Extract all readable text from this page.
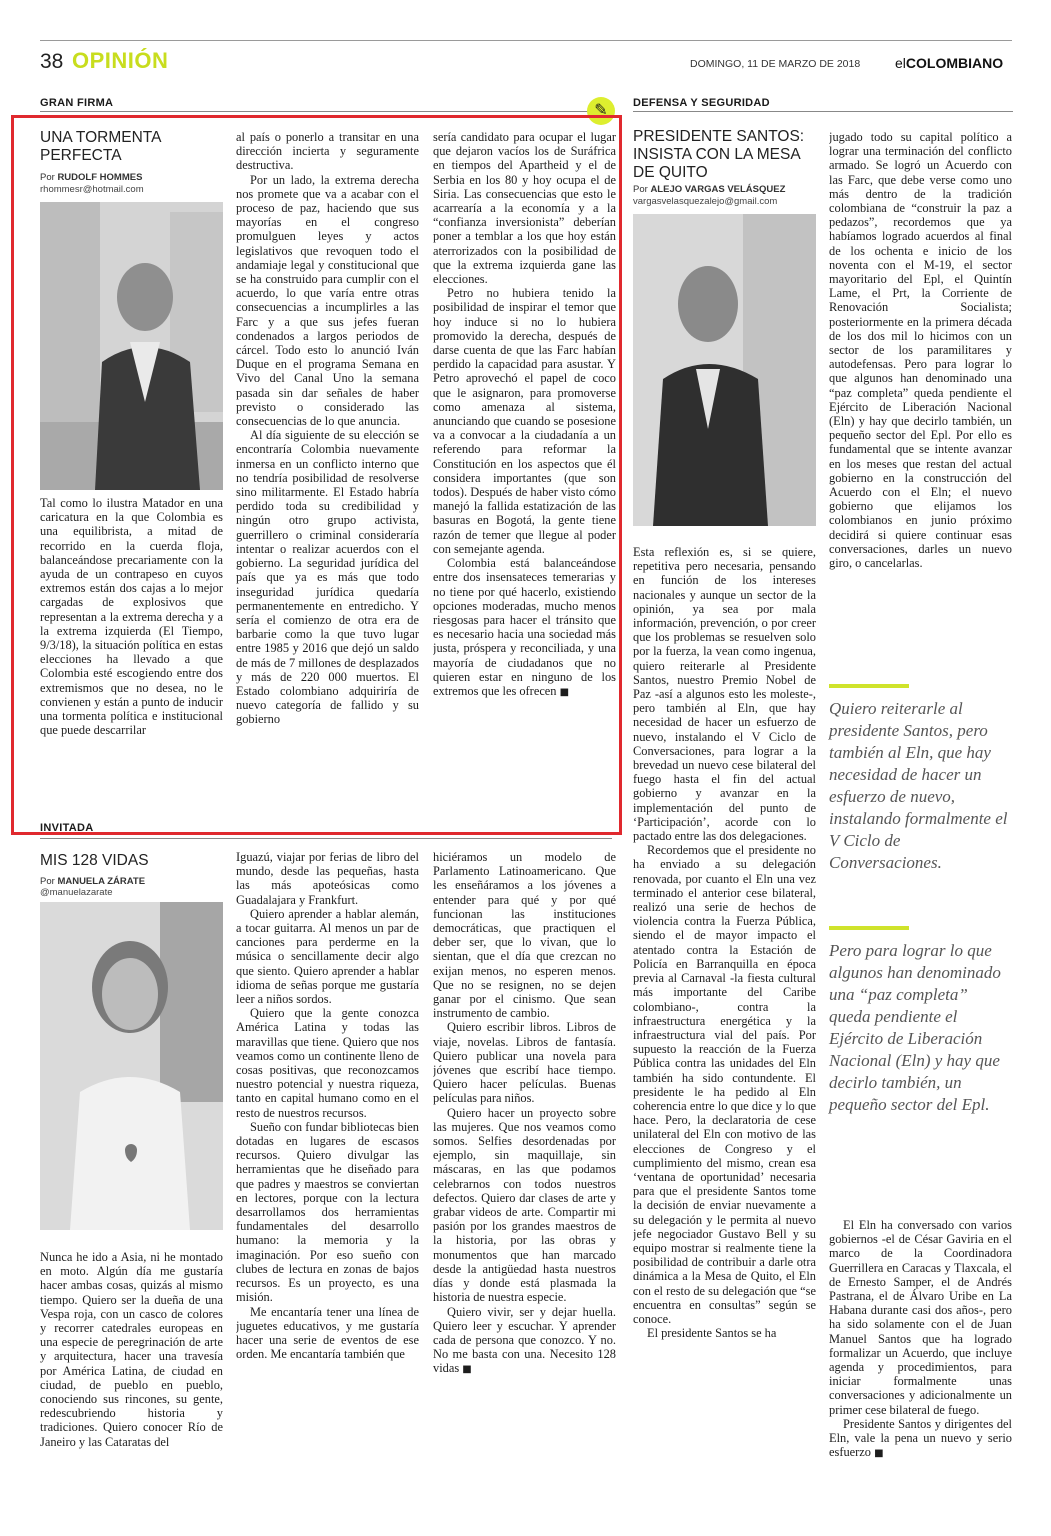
38 OPINIÓN	DOMINGO, 11 DE MARZO DE 2018 elCOLOMBIANO
GRAN FIRMA	✎
UNA TORMENTA PERFECTA
Por RUDOLF HOMMES
rhommesr@hotmail.com

Tal como lo ilustra Matador en una caricatura en la que Colombia es una equilibrista, a mitad de recorrido en la cuerda floja, balanceándose precariamente con la ayuda de un contrapeso en cuyos extremos están dos cajas a lo mejor cargadas de explosivos que representan a la extrema derecha y a la extrema izquierda (El Tiempo, 9/3/18), la situación política en estas elecciones ha llevado a que Colombia esté escogiendo entre dos extremismos que no desea, no le convienen y están a punto de inducir una tormenta política e institucional que puede descarrilar

al país o ponerlo a transitar en una dirección incierta y seguramente destructiva.

Por un lado, la extrema derecha nos promete que va a acabar con el proceso de paz, haciendo que sus mayorías en el congreso promulguen leyes y actos legislativos que revoquen todo el andamiaje legal y constitucional que se ha construido para cumplir con el acuerdo, lo que varía entre otras consecuencias a incumplirles a las Farc y a que sus jefes fueran condenados a largos periodos de cárcel. Todo esto lo anunció Iván Duque en el programa Semana en Vivo del Canal Uno la semana pasada sin dar señales de haber previsto o considerado las consecuencias de lo que anuncia.

Al día siguiente de su elección se encontraría Colombia nuevamente inmersa en un conflicto interno que no tendría posibilidad de resolverse sino militarmente. El Estado habría perdido toda su credibilidad y ningún otro grupo activista, guerrillero o criminal consideraría intentar o realizar acuerdos con el gobierno. La seguridad jurídica del país que ya es más que todo inseguridad jurídica quedaría permanentemente en entredicho. Y sería el comienzo de otra era de barbarie como la que tuvo lugar entre 1985 y 2016 que dejó un saldo de más de 7 millones de desplazados y más de 220 000 muertos. El Estado colombiano adquiriría de nuevo categoría de fallido y su gobierno

sería candidato para ocupar el lugar que dejaron vacíos los de Suráfrica en tiempos del Apartheid y el de Serbia en los 80 y hoy ocupa el de Siria. Las consecuencias que esto le acarrearía a la economía y a la “confianza inversionista” deberían poner a temblar a los que hoy están aterrorizados con la posibilidad de que la extrema izquierda gane las elecciones.

Petro no hubiera tenido la posibilidad de inspirar el temor que hoy induce si no lo hubiera promovido la derecha, después de darse cuenta de que las Farc habían perdido la capacidad para asustar. Y Petro aprovechó el papel de coco que le asignaron, para promoverse como amenaza al sistema, anunciando que cuando se posesione va a convocar a la ciudadanía a un referendo para reformar la Constitución en los aspectos que él considera importantes (que son todos). Después de haber visto cómo manejó la fallida estatización de las basuras en Bogotá, la gente tiene razón de temer que llegue al poder con semejante agenda.

Colombia está balanceándose entre dos insensateces temerarias y no tiene por qué hacerlo, existiendo opciones moderadas, mucho menos riesgosas para hacer el tránsito que es necesario hacia una sociedad más justa, próspera y reconciliada, y una mayoría de ciudadanos que no quieren estar en ninguno de los extremos que les ofrecen ■

INVITADA
MIS 128 VIDAS
Por MANUELA ZÁRATE
@manuelazarate

Nunca he ido a Asia, ni he montado en moto. Algún día me gustaría hacer ambas cosas, quizás al mismo tiempo. Quiero ser la dueña de una Vespa roja, con un casco de colores y recorrer catedrales europeas en una especie de peregrinación de arte y arquitectura, hacer una travesía por América Latina, de ciudad en ciudad, de pueblo en pueblo, conociendo sus rincones, su gente, redescubriendo historia y tradiciones. Quiero conocer Río de Janeiro y las Cataratas del

Iguazú, viajar por ferias de libro del mundo, desde las pequeñas, hasta las más apoteósicas como Guadalajara y Frankfurt.

Quiero aprender a hablar alemán, a tocar guitarra. Al menos un par de canciones para perderme en la música o sencillamente decir algo que siento. Quiero aprender a hablar idioma de señas porque me gustaría leer a niños sordos.

Quiero que la gente conozca América Latina y todas las maravillas que tiene. Quiero que nos veamos como un continente lleno de cosas positivas, que reconozcamos nuestro potencial y nuestra riqueza, tanto en capital humano como en el resto de nuestros recursos.

Sueño con fundar bibliotecas bien dotadas en lugares de escasos recursos. Quiero divulgar las herramientas que he diseñado para que padres y maestros se conviertan en lectores, porque con la lectura desarrollamos dos herramientas fundamentales del desarrollo humano: la memoria y la imaginación. Por eso sueño con clubes de lectura en zonas de bajos recursos. Es un proyecto, es una misión.

Me encantaría tener una línea de juguetes educativos, y me gustaría hacer una serie de eventos de ese orden. Me encantaría también que

hiciéramos un modelo de Parlamento Latinoamericano. Que les enseñáramos a los jóvenes a entender para qué y por qué funcionan las instituciones democráticas, que practiquen el deber ser, que lo vivan, que lo sientan, que el día que crezcan no exijan menos, no esperen menos. Que no se resignen, no se dejen ganar por el cinismo. Que sean instrumento de cambio.

Quiero escribir libros. Libros de viaje, novelas. Libros de fantasía. Quiero publicar una novela para jóvenes que escribí hace tiempo. Quiero hacer películas. Buenas películas para niños.

Quiero hacer un proyecto sobre las mujeres. Que nos veamos como somos. Selfies desordenadas por ejemplo, sin maquillaje, sin máscaras, en las que podamos celebrarnos con todos nuestros defectos. Quiero dar clases de arte y grabar videos de arte. Compartir mi pasión por los grandes maestros de la historia, por las obras y monumentos que han marcado desde la antigüedad hasta nuestros días y donde está plasmada la historia de nuestra especie.

Quiero vivir, ser y dejar huella. Quiero leer y escuchar. Y aprender cada de persona que conozco. Y no. No me basta con una. Necesito 128 vidas ■

DEFENSA Y SEGURIDAD
PRESIDENTE SANTOS: INSISTA CON LA MESA DE QUITO
Por ALEJO VARGAS VELÁSQUEZ
vargasvelasquezalejo@gmail.com

Esta reflexión es, si se quiere, repetitiva pero necesaria, pensando en función de los intereses nacionales y aunque un sector de la opinión, ya sea por mala información, prevención, o por creer que los problemas se resuelven solo por la fuerza, la vean como ingenua, quiero reiterarle al Presidente Santos, nuestro Premio Nobel de Paz -así a algunos esto les moleste-, pero también al Eln, que hay necesidad de hacer un esfuerzo de nuevo, instalando el V Ciclo de Conversaciones, para lograr a la brevedad un nuevo cese bilateral del fuego hasta el fin del actual gobierno y avanzar en la implementación del punto de ‘Participación’, acorde con lo pactado entre las dos delegaciones.

Recordemos que el presidente no ha enviado a su delegación renovada, por cuanto el Eln una vez terminado el anterior cese bilateral, realizó una serie de hechos de violencia contra la Fuerza Pública, siendo el de mayor impacto el atentado contra la Estación de Policía en Barranquilla en época previa al Carnaval -la fiesta cultural más importante del Caribe colombiano-, contra la infraestructura energética y la infraestructura vial del país. Por supuesto la reacción de la Fuerza Pública contra las unidades del Eln también ha sido contundente. El presidente le ha pedido al Eln coherencia entre lo que dice y lo que hace. Pero, la declaratoria de cese unilateral del Eln con motivo de las elecciones de Congreso y el cumplimiento del mismo, crean esa ‘ventana de oportunidad’ necesaria para que el presidente Santos tome la decisión de enviar nuevamente a su delegación y le permita al nuevo jefe negociador Gustavo Bell y su equipo mostrar si realmente tiene la posibilidad de contribuir a darle otra dinámica a la Mesa de Quito, el Eln con el resto de su delegación que “se encuentra en consultas” según se conoce.

El presidente Santos se ha

jugado todo su capital político a lograr una terminación del conflicto armado. Se logró un Acuerdo con las Farc, que debe verse como uno más dentro de la tradición colombiana de “construir la paz a pedazos”, recordemos que ya habíamos logrado acuerdos al final de los ochenta e inicio de los noventa con el M-19, el sector mayoritario del Epl, el Quintín Lame, el Prt, la Corriente de Renovación Socialista; posteriormente en la primera década de los dos mil lo hicimos con un sector de los paramilitares y autodefensas. Pero para lograr lo que algunos han denominado una “paz completa” queda pendiente el Ejército de Liberación Nacional (Eln) y hay que decirlo también, un pequeño sector del Epl. Por ello es fundamental que se intente avanzar en los meses que restan del actual gobierno en la construcción del Acuerdo con el Eln; el nuevo gobierno que elijamos los colombianos en junio próximo decidirá si quiere continuar esas conversaciones, darles un nuevo giro, o cancelarlas.

Quiero reiterarle al presidente Santos, pero también al Eln, que hay necesidad de hacer un esfuerzo de nuevo, instalando formalmente el V Ciclo de Conversaciones.
Pero para lograr lo que algunos han denominado una “paz completa” queda pendiente el Ejército de Liberación Nacional (Eln) y hay que decirlo también, un pequeño sector del Epl.

El Eln ha conversado con varios gobiernos -el de César Gaviria en el marco de la Coordinadora Guerrillera en Caracas y Tlaxcala, el de Ernesto Samper, el de Andrés Pastrana, el de Álvaro Uribe en La Habana durante casi dos años-, pero ha sido solamente con el de Juan Manuel Santos que ha logrado formalizar un Acuerdo, que incluye agenda y procedimientos, para iniciar formalmente unas conversaciones y adicionalmente un primer cese bilateral de fuego.

Presidente Santos y dirigentes del Eln, vale la pena un nuevo y serio esfuerzo ■
